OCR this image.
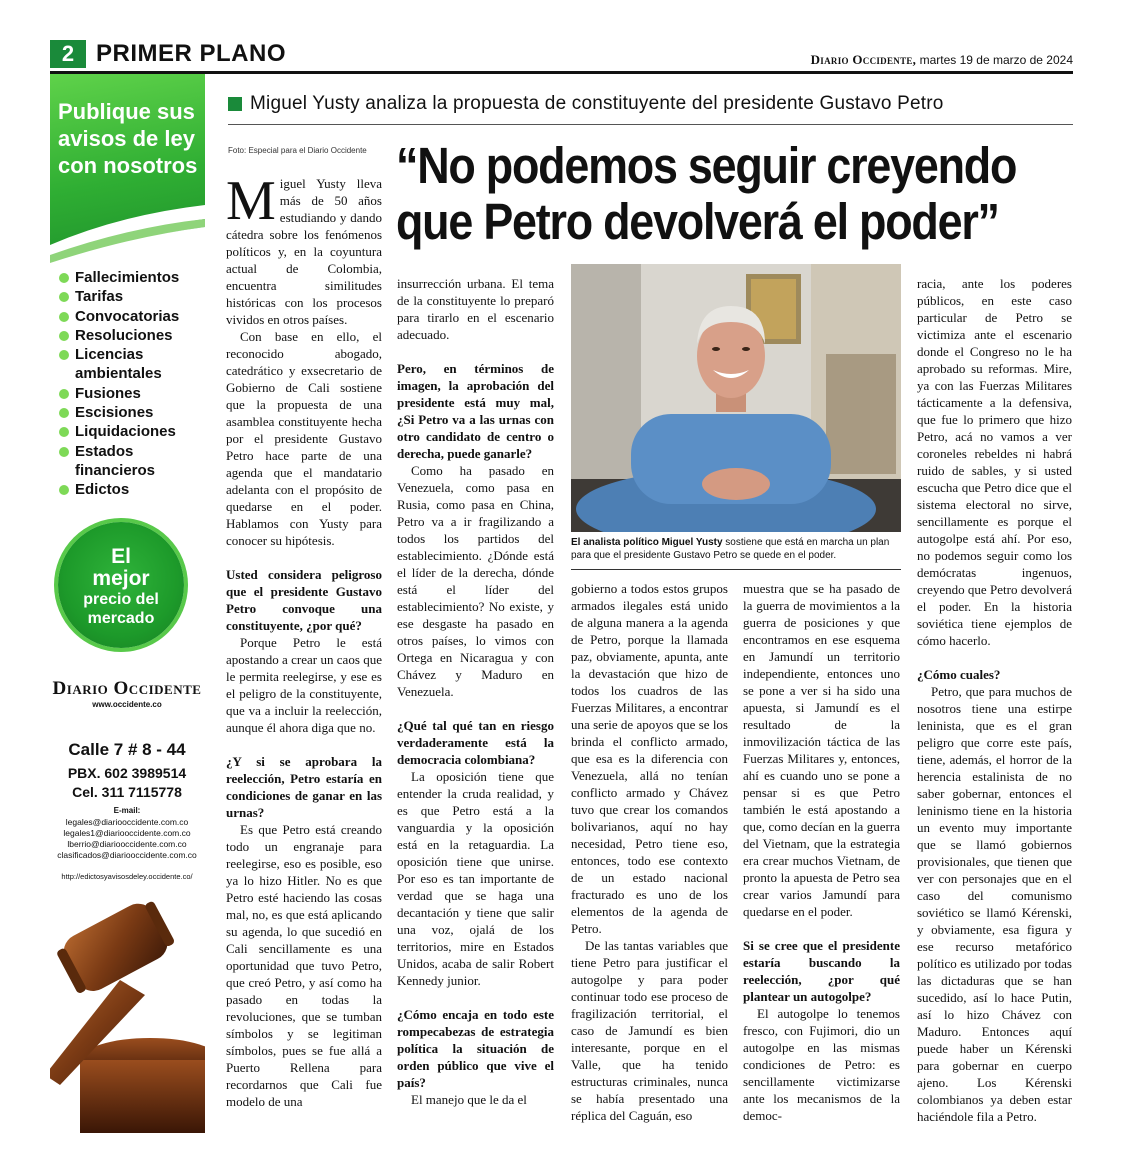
2 PRIMER PLANO	Diario Occidente, martes 19 de marzo de 2024
Publique sus avisos de ley con nosotros
Fallecimientos
Tarifas
Convocatorias
Resoluciones
Licencias ambientales
Fusiones
Escisiones
Liquidaciones
Estados financieros
Edictos
El
mejor
precio del mercado
Diario Occidente
www.occidente.co
Calle 7 # 8 - 44
PBX. 602 3989514
Cel. 311 7115778
E-mail:
legales@diariooccidente.com.co
legales1@diariooccidente.com.co
lberrio@diariooccidente.com.co
clasificados@diariooccidente.com.co
http://edictosyavisosdeley.occidente.co/
Miguel Yusty analiza la propuesta de constituyente del presidente Gustavo Petro
Foto: Especial para el Diario Occidente “No podemos seguir creyendo
que Petro devolverá el poder”
El analista político Miguel Yusty sostiene que está en marcha un plan para que el presidente Gustavo Petro se quede en el poder.

Miguel Yusty lleva más de 50 años estudiando y dando cátedra sobre los fenómenos políticos y, en la coyuntura actual de Colombia, encuentra similitudes históricas con los procesos vividos en otros países.

Con base en ello, el reconocido abogado, catedrático y exsecretario de Gobierno de Cali sostiene que la propuesta de una asamblea constituyente hecha por el presidente Gustavo Petro hace parte de una agenda que el mandatario adelanta con el propósito de quedarse en el poder. Hablamos con Yusty para conocer su hipótesis.

Usted considera peligroso que el presidente Gustavo Petro convoque una constituyente, ¿por qué?

Porque Petro le está apostando a crear un caos que le permita reelegirse, y ese es el peligro de la constituyente, que va a incluir la reelección, aunque él ahora diga que no.

¿Y si se aprobara la reelección, Petro estaría en condiciones de ganar en las urnas?

Es que Petro está creando todo un engranaje para reelegirse, eso es posible, eso ya lo hizo Hitler. No es que Petro esté haciendo las cosas mal, no, es que está aplicando su agenda, lo que sucedió en Cali sencillamente es una oportunidad que tuvo Petro, que creó Petro, y así como ha pasado en todas la revoluciones, que se tumban símbolos y se legitiman símbolos, pues se fue allá a Puerto Rellena para recordarnos que Cali fue modelo de una

insurrección urbana. El tema de la constituyente lo preparó para tirarlo en el escenario adecuado.

Pero, en términos de imagen, la aprobación del presidente está muy mal, ¿Si Petro va a las urnas con otro candidato de centro o derecha, puede ganarle?

Como ha pasado en Venezuela, como pasa en Rusia, como pasa en China, Petro va a ir fragilizando a todos los partidos del establecimiento. ¿Dónde está el líder de la derecha, dónde está el líder del establecimiento? No existe, y ese desgaste ha pasado en otros países, lo vimos con Ortega en Nicaragua y con Chávez y Maduro en Venezuela.

¿Qué tal qué tan en riesgo verdaderamente está la democracia colombiana?

La oposición tiene que entender la cruda realidad, y es que Petro está a la vanguardia y la oposición está en la retaguardia. La oposición tiene que unirse. Por eso es tan importante de verdad que se haga una decantación y tiene que salir una voz, ojalá de los territorios, mire en Estados Unidos, acaba de salir Robert Kennedy junior.

¿Cómo encaja en todo este rompecabezas de estrategia política la situación de orden público que vive el país?

El manejo que le da el

gobierno a todos estos grupos armados ilegales está unido de alguna manera a la agenda de Petro, porque la llamada paz, obviamente, apunta, ante la devastación que hizo de todos los cuadros de las Fuerzas Militares, a encontrar una serie de apoyos que se los brinda el conflicto armado, que esa es la diferencia con Venezuela, allá no tenían conflicto armado y Chávez tuvo que crear los comandos bolivarianos, aquí no hay necesidad, Petro tiene eso, entonces, todo ese contexto de un estado nacional fracturado es uno de los elementos de la agenda de Petro.

De las tantas variables que tiene Petro para justificar el autogolpe y para poder continuar todo ese proceso de fragilización territorial, el caso de Jamundí es bien interesante, porque en el Valle, que ha tenido estructuras criminales, nunca se había presentado una réplica del Caguán, eso

muestra que se ha pasado de la guerra de movimientos a la guerra de posiciones y que encontramos en ese esquema en Jamundí un territorio independiente, entonces uno se pone a ver si ha sido una apuesta, si Jamundí es el resultado de la inmovilización táctica de las Fuerzas Militares y, entonces, ahí es cuando uno se pone a pensar si es que Petro también le está apostando a que, como decían en la guerra del Vietnam, que la estrategia era crear muchos Vietnam, de pronto la apuesta de Petro sea crear varios Jamundí para quedarse en el poder.

Si se cree que el presidente estaría buscando la reelección, ¿por qué plantear un autogolpe?

El autogolpe lo tenemos fresco, con Fujimori, dio un autogolpe en las mismas condiciones de Petro: es sencillamente victimizarse ante los mecanismos de la democ-

racia, ante los poderes públicos, en este caso particular de Petro se victimiza ante el escenario donde el Congreso no le ha aprobado su reformas. Mire, ya con las Fuerzas Militares tácticamente a la defensiva, que fue lo primero que hizo Petro, acá no vamos a ver coroneles rebeldes ni habrá ruido de sables, y si usted escucha que Petro dice que el sistema electoral no sirve, sencillamente es porque el autogolpe está ahí. Por eso, no podemos seguir como los demócratas ingenuos, creyendo que Petro devolverá el poder. En la historia soviética tiene ejemplos de cómo hacerlo.

¿Cómo cuales?

Petro, que para muchos de nosotros tiene una estirpe leninista, que es el gran peligro que corre este país, tiene, además, el horror de la herencia estalinista de no saber gobernar, entonces el leninismo tiene en la historia un evento muy importante que se llamó gobiernos provisionales, que tienen que ver con personajes que en el caso del comunismo soviético se llamó Kérenski, y obviamente, esa figura y ese recurso metafórico político es utilizado por todas las dictaduras que se han sucedido, así lo hace Putin, así lo hizo Chávez con Maduro. Entonces aquí puede haber un Kérenski para gobernar en cuerpo ajeno. Los Kérenski colombianos ya deben estar haciéndole fila a Petro.
